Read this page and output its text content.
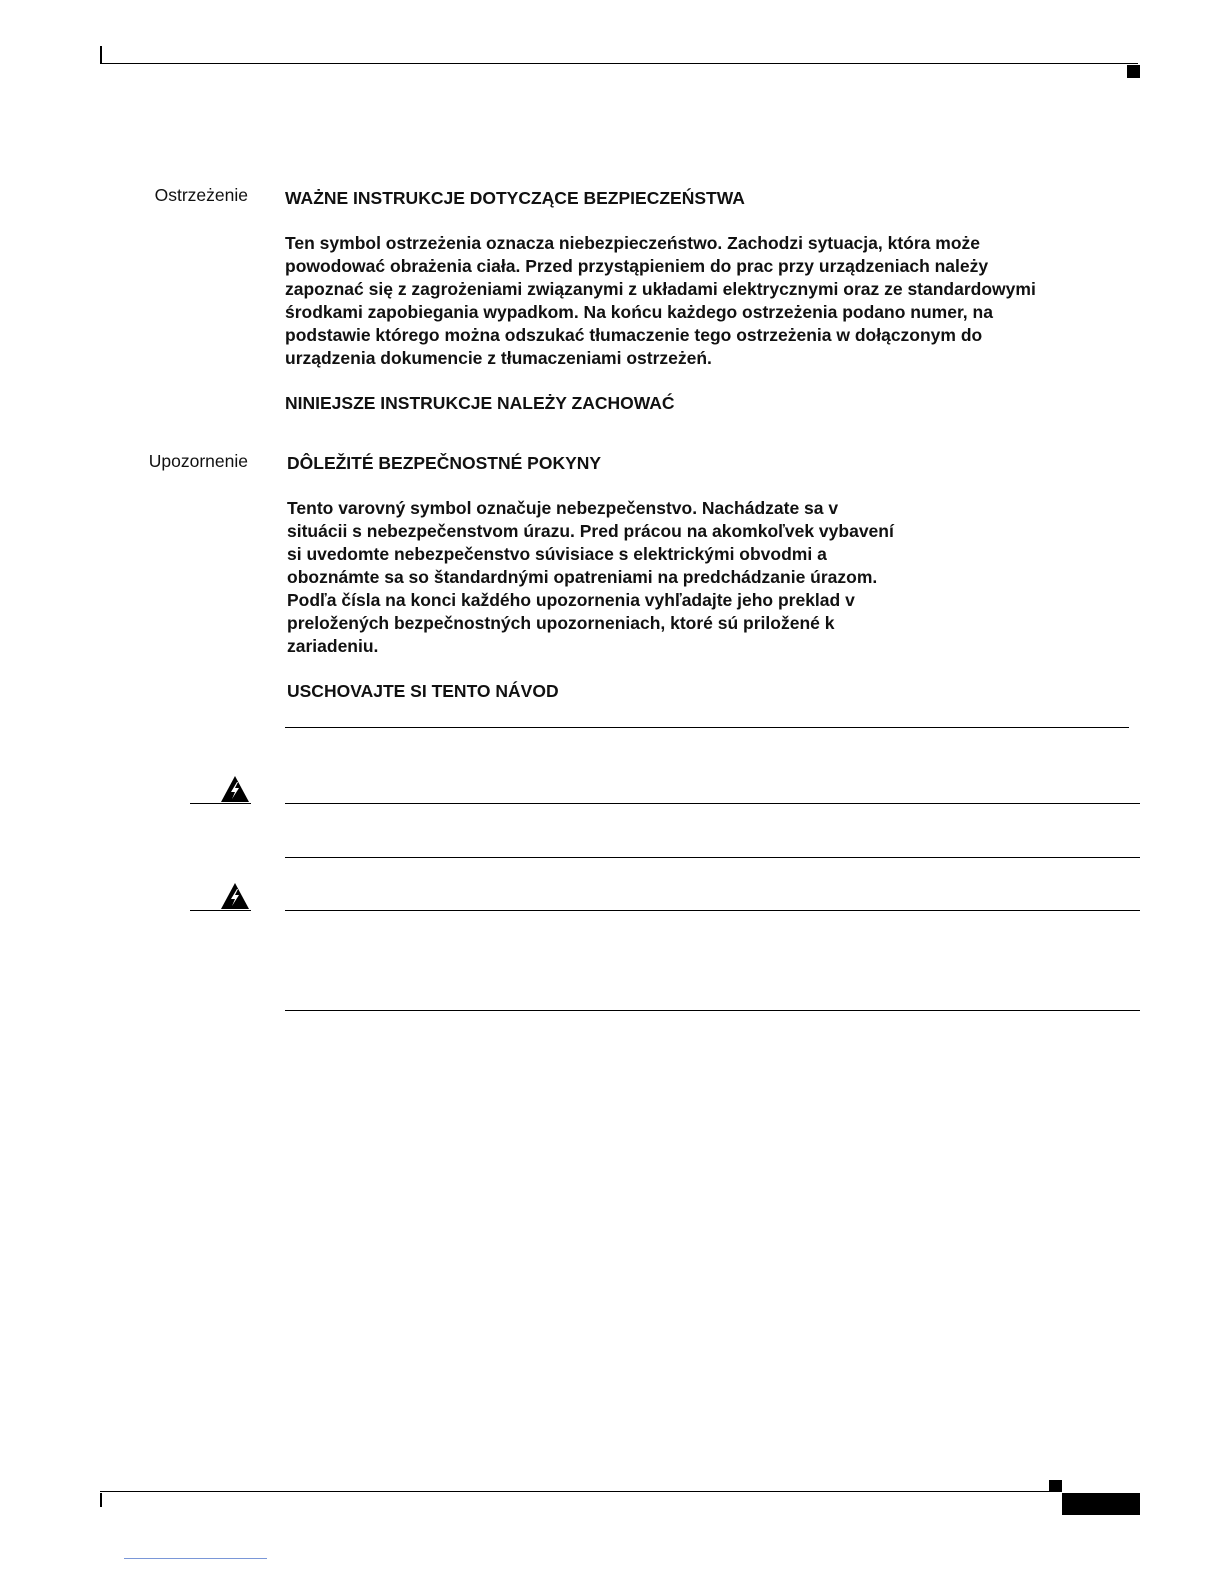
Ostrzeżenie WAŻNE INSTRUKCJE DOTYCZĄCE BEZPIECZEŃSTWA

Ten symbol ostrzeżenia oznacza niebezpieczeństwo. Zachodzi sytuacja, która może
powodować obrażenia ciała. Przed przystąpieniem do prac przy urządzeniach należy
zapoznać się z zagrożeniami związanymi z układami elektrycznymi oraz ze standardowymi
środkami zapobiegania wypadkom. Na końcu każdego ostrzeżenia podano numer, na
podstawie którego można odszukać tłumaczenie tego ostrzeżenia w dołączonym do
urządzenia dokumencie z tłumaczeniami ostrzeżeń.

NINIEJSZE INSTRUKCJE NALEŻY ZACHOWAĆ

Upozornenie DÔLEŽITÉ BEZPEČNOSTNÉ POKYNY

Tento varovný symbol označuje nebezpečenstvo. Nachádzate sa v
situácii s nebezpečenstvom úrazu. Pred prácou na akomkoľvek vybavení
si uvedomte nebezpečenstvo súvisiace s elektrickými obvodmi a
oboznámte sa so štandardnými opatreniami na predchádzanie úrazom.
Podľa čísla na konci každého upozornenia vyhľadajte jeho preklad v
preložených bezpečnostných upozorneniach, ktoré sú priložené k
zariadeniu.

USCHOVAJTE SI TENTO NÁVOD
